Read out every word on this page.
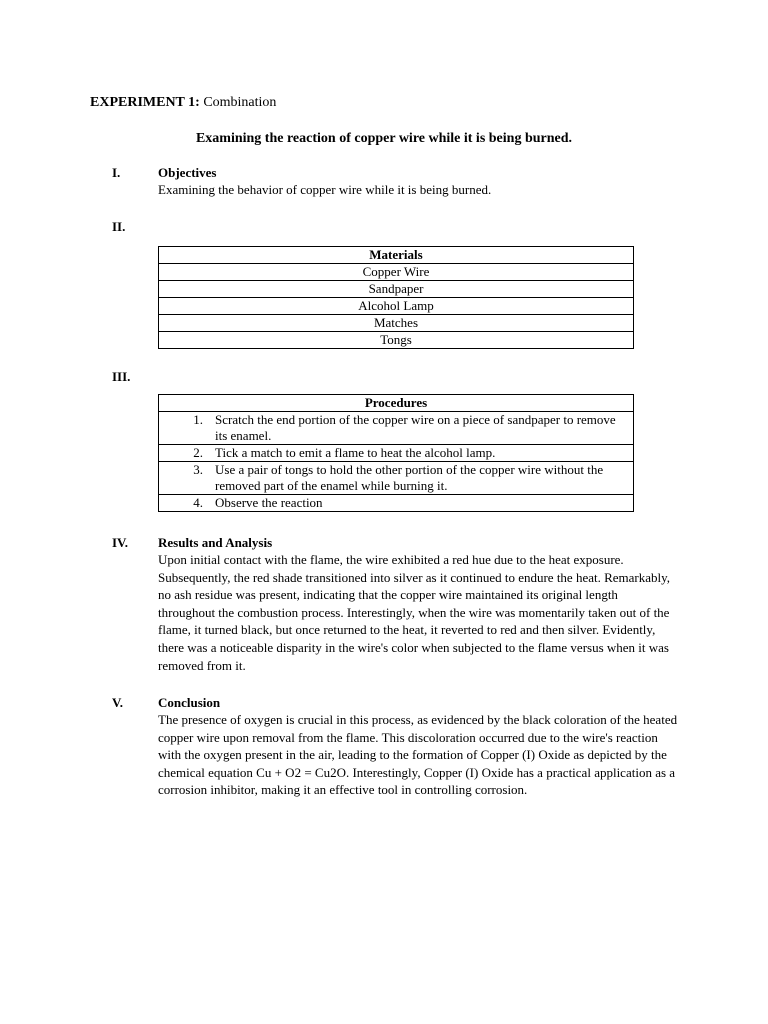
EXPERIMENT 1: Combination
Examining the reaction of copper wire while it is being burned.
I.	Objectives

Examining the behavior of copper wire while it is being burned.

II.
Materials
Copper Wire
Sandpaper
Alcohol Lamp
Matches
Tongs
III.
Procedures	
1.	Scratch the end portion of the copper wire on a piece of sandpaper to remove its enamel.
2.	Tick a match to emit a flame to heat the alcohol lamp.
3.	Use a pair of tongs to hold the other portion of the copper wire without the removed part of the enamel while burning it.
4.	Observe the reaction
IV. Results and Analysis

Upon initial contact with the flame, the wire exhibited a red hue due to the heat exposure. Subsequently, the red shade transitioned into silver as it continued to endure the heat. Remarkably, no ash residue was present, indicating that the copper wire maintained its original length throughout the combustion process. Interestingly, when the wire was momentarily taken out of the flame, it turned black, but once returned to the heat, it reverted to red and then silver. Evidently, there was a noticeable disparity in the wire's color when subjected to the flame versus when it was removed from it.

V.	Conclusion

The presence of oxygen is crucial in this process, as evidenced by the black coloration of the heated copper wire upon removal from the flame. This discoloration occurred due to the wire's reaction with the oxygen present in the air, leading to the formation of Copper (I) Oxide as depicted by the chemical equation Cu + O2 = Cu2O. Interestingly, Copper (I) Oxide has a practical application as a corrosion inhibitor, making it an effective tool in controlling corrosion.
